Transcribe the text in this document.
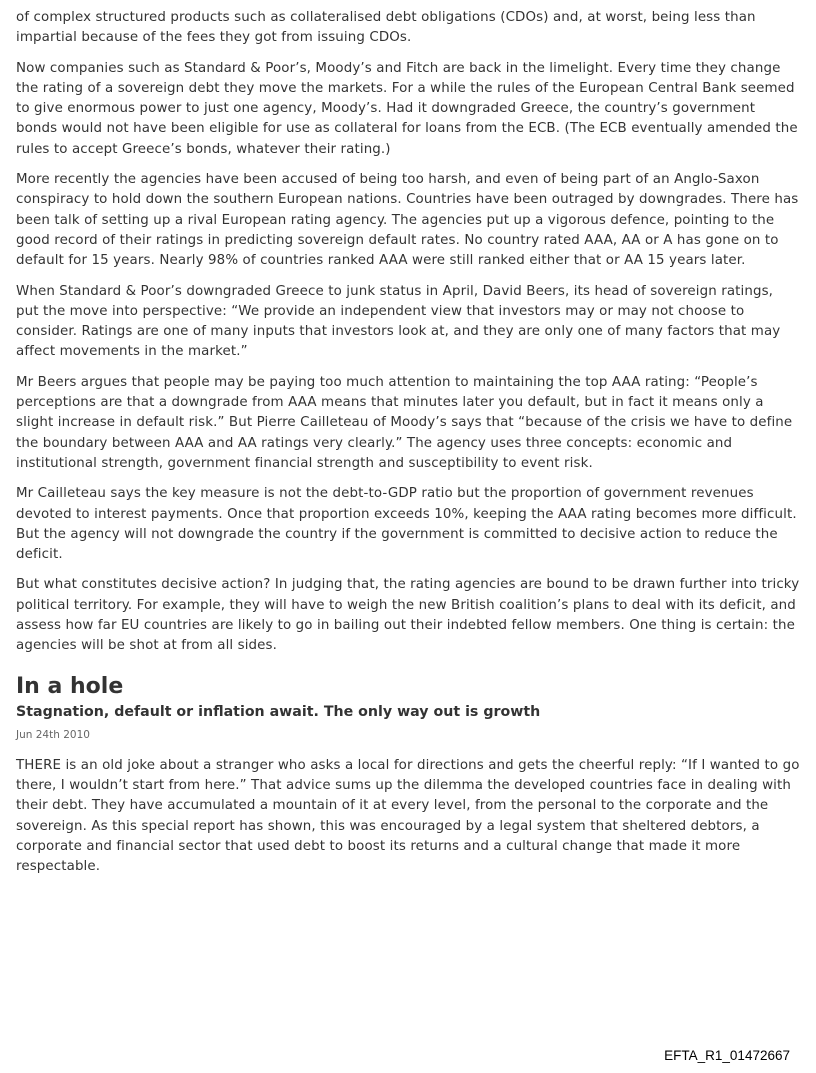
of complex structured products such as collateralised debt obligations (CDOs) and, at worst, being less than impartial because of the fees they got from issuing CDOs.

Now companies such as Standard & Poor’s, Moody’s and Fitch are back in the limelight. Every time they change the rating of a sovereign debt they move the markets. For a while the rules of the European Central Bank seemed to give enormous power to just one agency, Moody’s. Had it downgraded Greece, the country’s government bonds would not have been eligible for use as collateral for loans from the ECB. (The ECB eventually amended the rules to accept Greece’s bonds, whatever their rating.)

More recently the agencies have been accused of being too harsh, and even of being part of an Anglo-Saxon conspiracy to hold down the southern European nations. Countries have been outraged by downgrades. There has been talk of setting up a rival European rating agency. The agencies put up a vigorous defence, pointing to the good record of their ratings in predicting sovereign default rates. No country rated AAA, AA or A has gone on to default for 15 years. Nearly 98% of countries ranked AAA were still ranked either that or AA 15 years later.

When Standard & Poor’s downgraded Greece to junk status in April, David Beers, its head of sovereign ratings, put the move into perspective: “We provide an independent view that investors may or may not choose to consider. Ratings are one of many inputs that investors look at, and they are only one of many factors that may affect movements in the market.”

Mr Beers argues that people may be paying too much attention to maintaining the top AAA rating: “People’s perceptions are that a downgrade from AAA means that minutes later you default, but in fact it means only a slight increase in default risk.” But Pierre Cailleteau of Moody’s says that “because of the crisis we have to define the boundary between AAA and AA ratings very clearly.” The agency uses three concepts: economic and institutional strength, government financial strength and susceptibility to event risk.

Mr Cailleteau says the key measure is not the debt-to-GDP ratio but the proportion of government revenues devoted to interest payments. Once that proportion exceeds 10%, keeping the AAA rating becomes more difficult. But the agency will not downgrade the country if the government is committed to decisive action to reduce the deficit.

But what constitutes decisive action? In judging that, the rating agencies are bound to be drawn further into tricky political territory. For example, they will have to weigh the new British coalition’s plans to deal with its deficit, and assess how far EU countries are likely to go in bailing out their indebted fellow members. One thing is certain: the agencies will be shot at from all sides.

In a hole
Stagnation, default or inflation await. The only way out is growth
Jun 24th 2010

THERE is an old joke about a stranger who asks a local for directions and gets the cheerful reply: “If I wanted to go there, I wouldn’t start from here.” That advice sums up the dilemma the developed countries face in dealing with their debt. They have accumulated a mountain of it at every level, from the personal to the corporate and the sovereign. As this special report has shown, this was encouraged by a legal system that sheltered debtors, a corporate and financial sector that used debt to boost its returns and a cultural change that made it more respectable.

EFTA_R1_01472667
